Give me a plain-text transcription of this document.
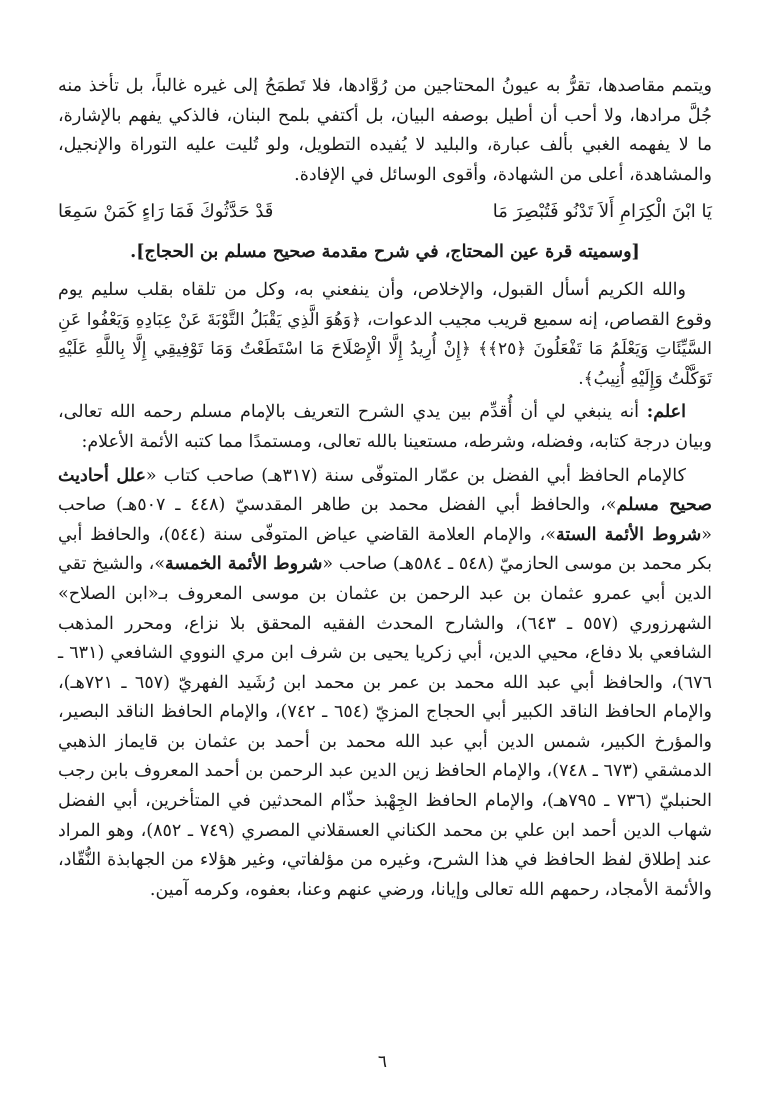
ويتمم مقاصدها، تقرُّ به عيونُ المحتاجين من رُوَّادها، فلا تَطمَحُ إلى غيره غالباً، بل تأخذ منه جُلَّ مرادها، ولا أحب أن أطيل بوصفه البيان، بل أكتفي بلمح البنان، فالذكي يفهم بالإشارة، ما لا يفهمه الغبي بألف عبارة، والبليد لا يُفيده التطويل، ولو تُليت عليه التوراة والإنجيل، والمشاهدة، أعلى من الشهادة، وأقوى الوسائل في الإفادة.

يَا ابْنَ الْكِرَامِ أَلاَ تَدْنُو فَتُبْصِرَ مَا
قَدْ حَدَّثُوكَ فَمَا رَاءٍ كَمَنْ سَمِعَا

[وسميته قرة عين المحتاج، في شرح مقدمة صحيح مسلم بن الحجاج].

والله الكريم أسأل القبول، والإخلاص، وأن ينفعني به، وكل من تلقاه بقلب سليم يوم وقوع القصاص، إنه سميع قريب مجيب الدعوات، ﴿وَهُوَ الَّذِي يَقْبَلُ التَّوْبَةَ عَنْ عِبَادِهِ وَيَعْفُوا عَنِ السَّيِّئَاتِ وَيَعْلَمُ مَا تَفْعَلُونَ ﴿٢٥﴾﴾ ﴿إِنْ أُرِيدُ إِلَّا الْإِصْلَاحَ مَا اسْتَطَعْتُ وَمَا تَوْفِيقِي إِلَّا بِاللَّهِ عَلَيْهِ تَوَكَّلْتُ وَإِلَيْهِ أُنِيبُ﴾.

اعلم: أنه ينبغي لي أن أُقدِّم بين يدي الشرح التعريف بالإمام مسلم رحمه الله تعالى، وبيان درجة كتابه، وفضله، وشرطه، مستعينا بالله تعالى، ومستمدًا مما كتبه الأئمة الأعلام:

كالإمام الحافظ أبي الفضل بن عمّار المتوفّى سنة (٣١٧هـ) صاحب كتاب «علل أحاديث صحيح مسلم»، والحافظ أبي الفضل محمد بن طاهر المقدسيّ (٤٤٨ ـ ٥٠٧هـ) صاحب «شروط الأئمة الستة»، والإمام العلامة القاضي عياض المتوفّى سنة (٥٤٤)، والحافظ أبي بكر محمد بن موسى الحازميّ (٥٤٨ ـ ٥٨٤هـ) صاحب «شروط الأئمة الخمسة»، والشيخ تقي الدين أبي عمرو عثمان بن عبد الرحمن بن عثمان بن موسى المعروف بـ«ابن الصلاح» الشهرزوري (٥٥٧ ـ ٦٤٣)، والشارح المحدث الفقيه المحقق بلا نزاع، ومحرر المذهب الشافعي بلا دفاع، محيي الدين، أبي زكريا يحيى بن شرف ابن مري النووي الشافعي (٦٣١ ـ ٦٧٦)، والحافظ أبي عبد الله محمد بن عمر بن محمد ابن رُشَيد الفهريّ (٦٥٧ ـ ٧٢١هـ)، والإمام الحافظ الناقد الكبير أبي الحجاج المزيّ (٦٥٤ ـ ٧٤٢)، والإمام الحافظ الناقد البصير، والمؤرخ الكبير، شمس الدين أبي عبد الله محمد بن أحمد بن عثمان بن قايماز الذهبي الدمشقي (٦٧٣ ـ ٧٤٨)، والإمام الحافظ زين الدين عبد الرحمن بن أحمد المعروف بابن رجب الحنبليّ (٧٣٦ ـ ٧٩٥هـ)، والإمام الحافظ الجِهْبذ حذّام المحدثين في المتأخرين، أبي الفضل شهاب الدين أحمد ابن علي بن محمد الكناني العسقلاني المصري (٧٤٩ ـ ٨٥٢)، وهو المراد عند إطلاق لفظ الحافظ في هذا الشرح، وغيره من مؤلفاتي، وغير هؤلاء من الجهابذة النُّقّاد، والأئمة الأمجاد، رحمهم الله تعالى وإيانا، ورضي عنهم وعنا، بعفوه، وكرمه آمين.

٦
